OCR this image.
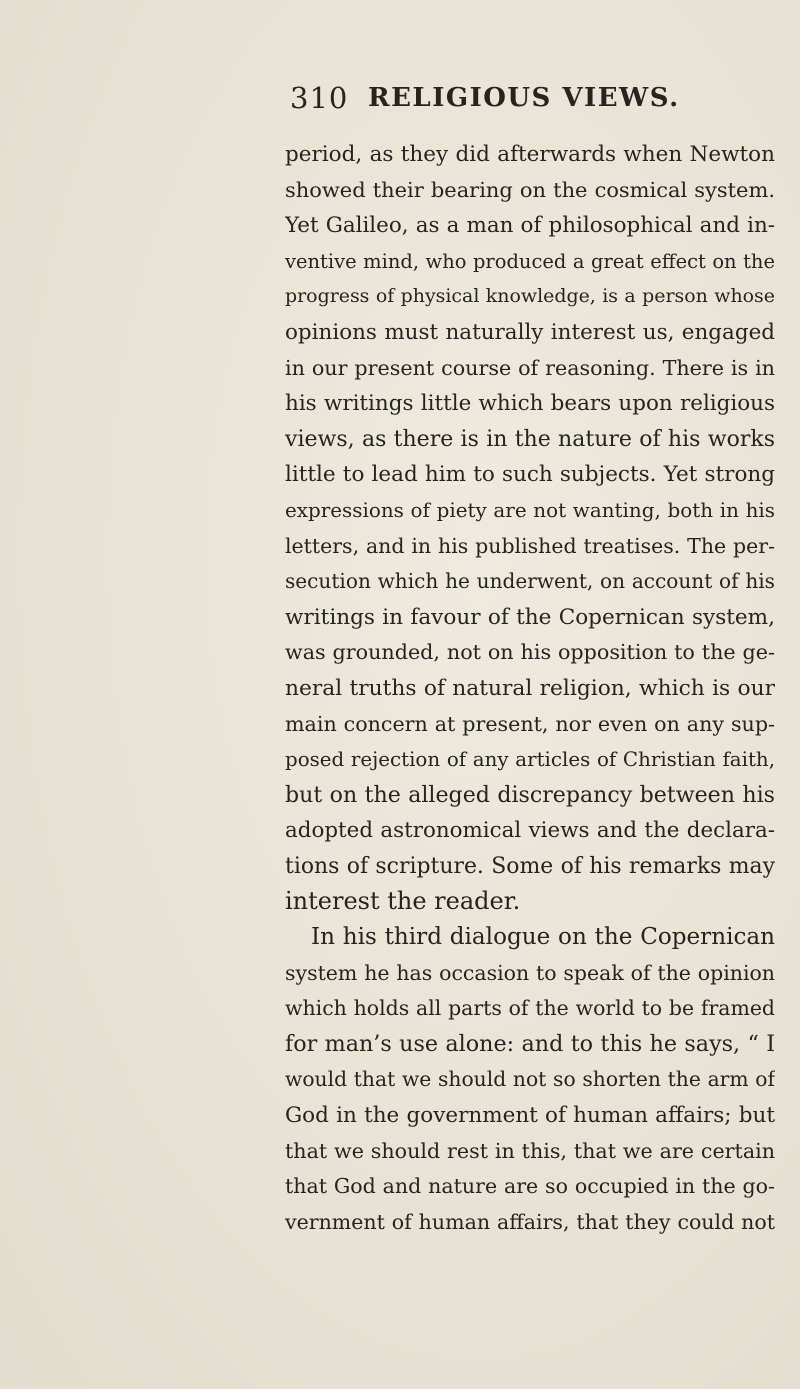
310 RELIGIOUS VIEWS.
period, as they did afterwards when Newton
showed their bearing on the cosmical system.
Yet Galileo, as a man of philosophical and in-
ventive mind, who produced a great effect on the
progress of physical knowledge, is a person whose
opinions must naturally interest us, engaged
in our present course of reasoning. There is in
his writings little which bears upon religious
views, as there is in the nature of his works
little to lead him to such subjects. Yet strong
expressions of piety are not wanting, both in his
letters, and in his published treatises. The per-
secution which he underwent, on account of his
writings in favour of the Copernican system,
was grounded, not on his opposition to the ge-
neral truths of natural religion, which is our
main concern at present, nor even on any sup-
posed rejection of any articles of Christian faith,
but on the alleged discrepancy between his
adopted astronomical views and the declara-
tions of scripture. Some of his remarks may
interest the reader.
In his third dialogue on the Copernican
system he has occasion to speak of the opinion
which holds all parts of the world to be framed
for man’s use alone: and to this he says, “ I
would that we should not so shorten the arm of
God in the government of human affairs; but
that we should rest in this, that we are certain
that God and nature are so occupied in the go-
vernment of human affairs, that they could not
